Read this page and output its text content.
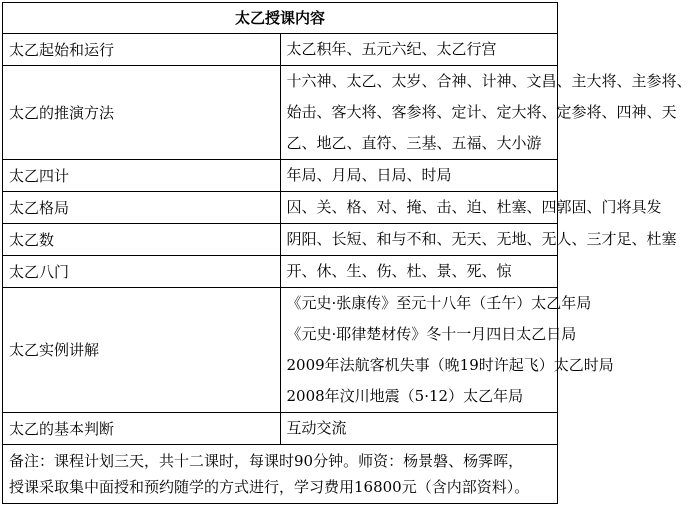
太乙授课内容	
太乙起始和运行	太乙积年、五元六纪、太乙行宫

太乙的推演方法	十六神、太乙、太岁、合神、计神、文昌、主大将、主参将、
始击、客大将、客参将、定计、定大将、定参将、四神、天
乙、地乙、直符、三基、五福、大小游

太乙四计	年局、月局、日局、时局

太乙格局	囚、关、格、对、掩、击、迫、杜塞、四郭固、门将具发

太乙数	阴阳、长短、和与不和、无天、无地、无人、三才足、杜塞

太乙八门	开、休、生、伤、杜、景、死、惊

太乙实例讲解	《元史·张康传》至元十八年（壬午）太乙年局
《元史·耶律楚材传》冬十一月四日太乙日局
2009年法航客机失事（晚19时许起飞）太乙时局
2008年汶川地震（5·12）太乙年局

太乙的基本判断	互动交流

备注：课程计划三天，共十二课时，每课时90分钟。师资：杨景磐、杨霁晖，
授课采取集中面授和预约随学的方式进行，学习费用16800元（含内部资料）。	
